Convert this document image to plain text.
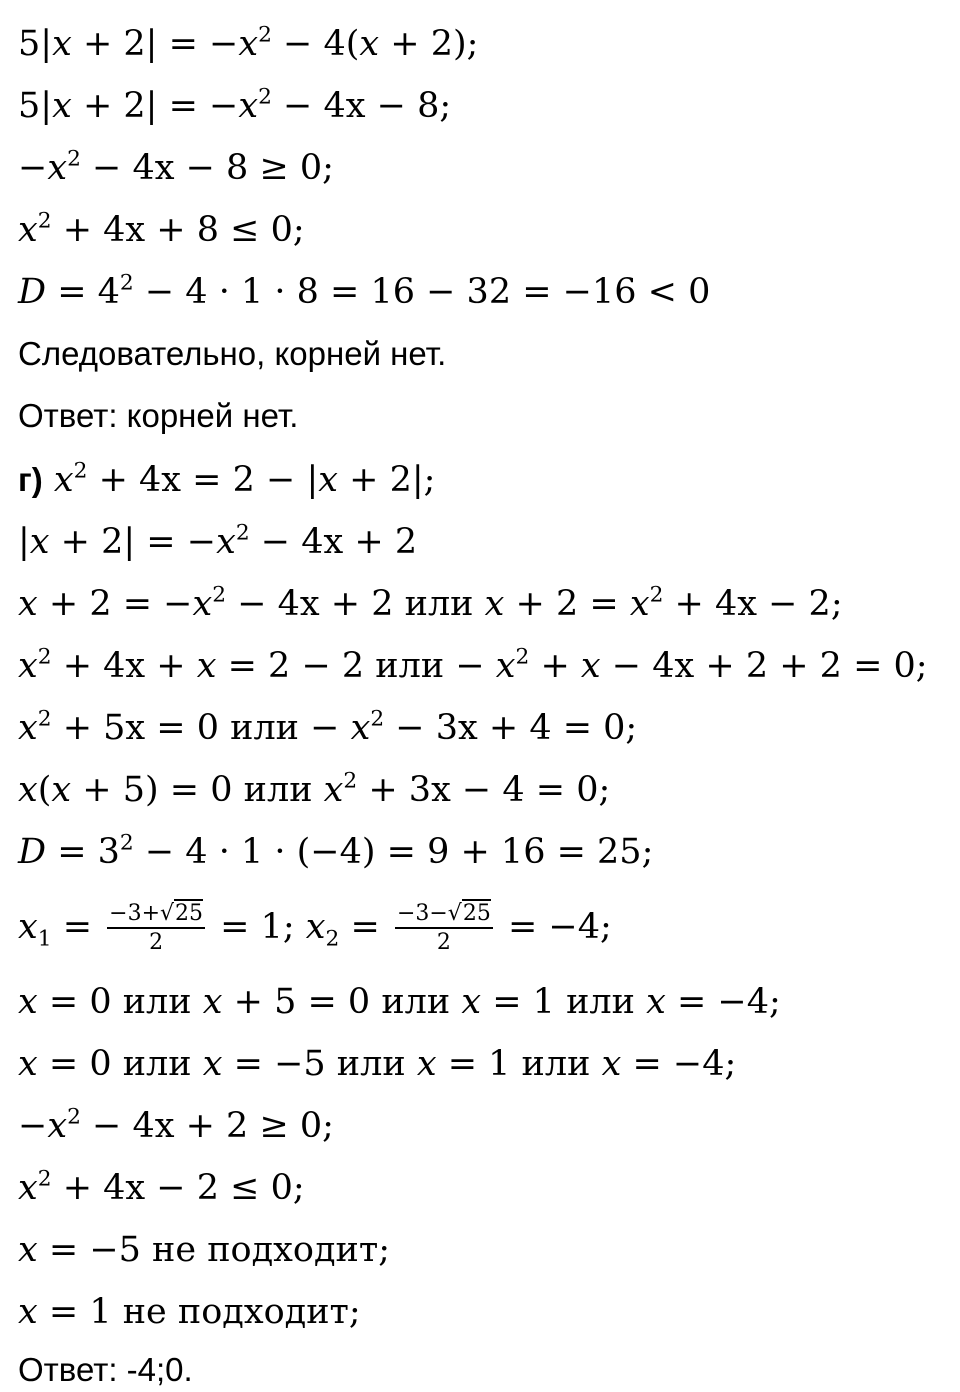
$5|x + 2| = -x^2 - 4(x + 2)$;
$5|x + 2| = -x^2 - 4x - 8$;
$-x^2 - 4x - 8 \ge 0$;
$x^2 + 4x + 8 \le 0$;
$D = 4^2 - 4 \cdot 1 \cdot 8 = 16 - 32 = -16 < 0$
Следовательно, корней нет.
Ответ: корней нет.
г) $x^2 + 4x = 2 - |x + 2|$;
$|x + 2| = -x^2 - 4x + 2$
$x + 2 = -x^2 - 4x + 2$ или $x + 2 = x^2 + 4x - 2$;
$x^2 + 4x + x = 2 - 2$ или − $x^2 + x - 4x + 2 + 2 = 0$;
$x^2 + 5x = 0$ или − $x^2 - 3x + 4 = 0$;
x(x + 5) = 0 или $x^2 + 3x - 4 = 0$;
$D = 3^2 - 4 \cdot 1 \cdot (-4) = 9 + 16 = 25$;
$x_1 = \frac{-3+√25}{2} = 1$; $x_2 = \frac{-3-√25}{2} = -4$;
x = 0 или x + 5 = 0 или x = 1 или x = −4;
x = 0 или x = −5 или x = 1 или x = −4;
$-x^2 - 4x + 2 \ge 0$;
$x^2 + 4x - 2 \le 0$;
x = −5 не подходит;
x = 1 не подходит;
Ответ: -4;0.
